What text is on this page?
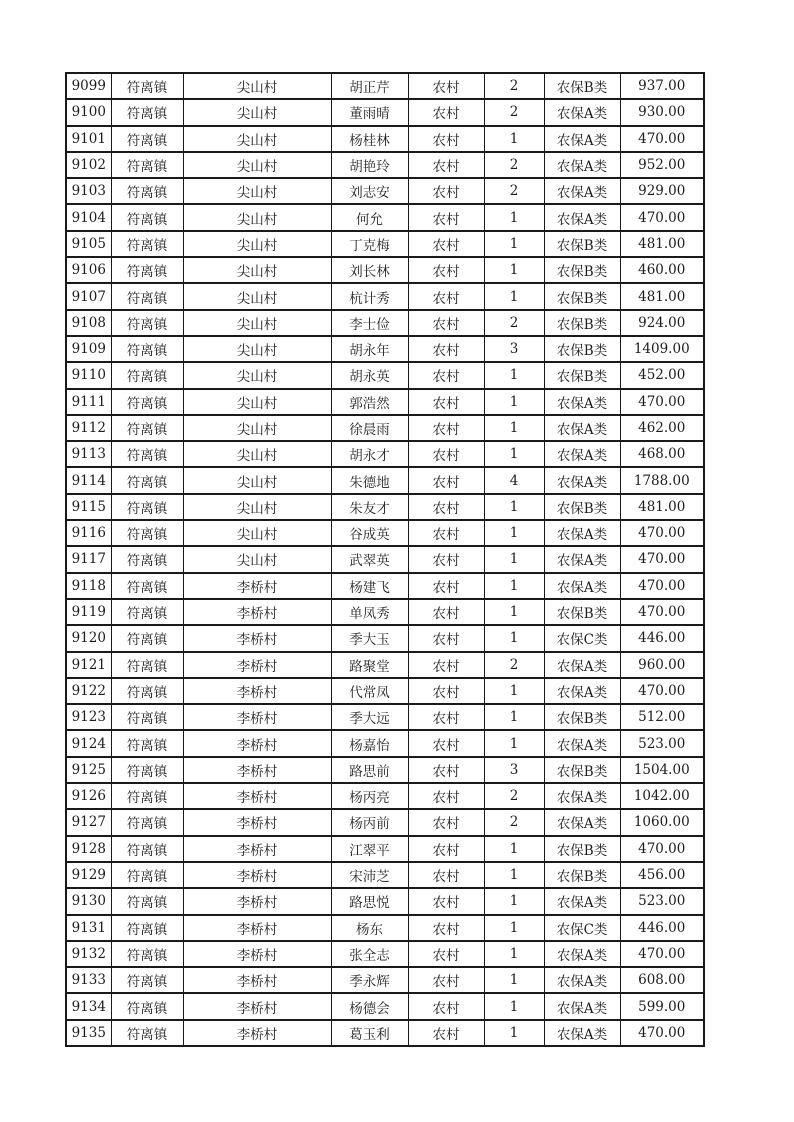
9099	符离镇	尖山村	胡正芹	农村	2	农保B类	937.00
9100	符离镇	尖山村	董雨晴	农村	2	农保A类	930.00
9101	符离镇	尖山村	杨桂林	农村	1	农保A类	470.00
9102	符离镇	尖山村	胡艳玲	农村	2	农保A类	952.00
9103	符离镇	尖山村	刘志安	农村	2	农保A类	929.00
9104	符离镇	尖山村	何允	农村	1	农保A类	470.00
9105	符离镇	尖山村	丁克梅	农村	1	农保B类	481.00
9106	符离镇	尖山村	刘长林	农村	1	农保B类	460.00
9107	符离镇	尖山村	杭计秀	农村	1	农保B类	481.00
9108	符离镇	尖山村	李士俭	农村	2	农保B类	924.00
9109	符离镇	尖山村	胡永年	农村	3	农保B类	1409.00
9110	符离镇	尖山村	胡永英	农村	1	农保B类	452.00
9111	符离镇	尖山村	郭浩然	农村	1	农保A类	470.00
9112	符离镇	尖山村	徐晨雨	农村	1	农保A类	462.00
9113	符离镇	尖山村	胡永才	农村	1	农保A类	468.00
9114	符离镇	尖山村	朱德地	农村	4	农保A类	1788.00
9115	符离镇	尖山村	朱友才	农村	1	农保B类	481.00
9116	符离镇	尖山村	谷成英	农村	1	农保A类	470.00
9117	符离镇	尖山村	武翠英	农村	1	农保A类	470.00
9118	符离镇	李桥村	杨建飞	农村	1	农保A类	470.00
9119	符离镇	李桥村	单凤秀	农村	1	农保B类	470.00
9120	符离镇	李桥村	季大玉	农村	1	农保C类	446.00
9121	符离镇	李桥村	路聚堂	农村	2	农保A类	960.00
9122	符离镇	李桥村	代常凤	农村	1	农保A类	470.00
9123	符离镇	李桥村	季大远	农村	1	农保B类	512.00
9124	符离镇	李桥村	杨嘉怡	农村	1	农保A类	523.00
9125	符离镇	李桥村	路思前	农村	3	农保B类	1504.00
9126	符离镇	李桥村	杨丙亮	农村	2	农保A类	1042.00
9127	符离镇	李桥村	杨丙前	农村	2	农保A类	1060.00
9128	符离镇	李桥村	江翠平	农村	1	农保B类	470.00
9129	符离镇	李桥村	宋沛芝	农村	1	农保B类	456.00
9130	符离镇	李桥村	路思悦	农村	1	农保A类	523.00
9131	符离镇	李桥村	杨东	农村	1	农保C类	446.00
9132	符离镇	李桥村	张全志	农村	1	农保A类	470.00
9133	符离镇	李桥村	季永辉	农村	1	农保A类	608.00
9134	符离镇	李桥村	杨德会	农村	1	农保A类	599.00
9135	符离镇	李桥村	葛玉利	农村	1	农保A类	470.00
